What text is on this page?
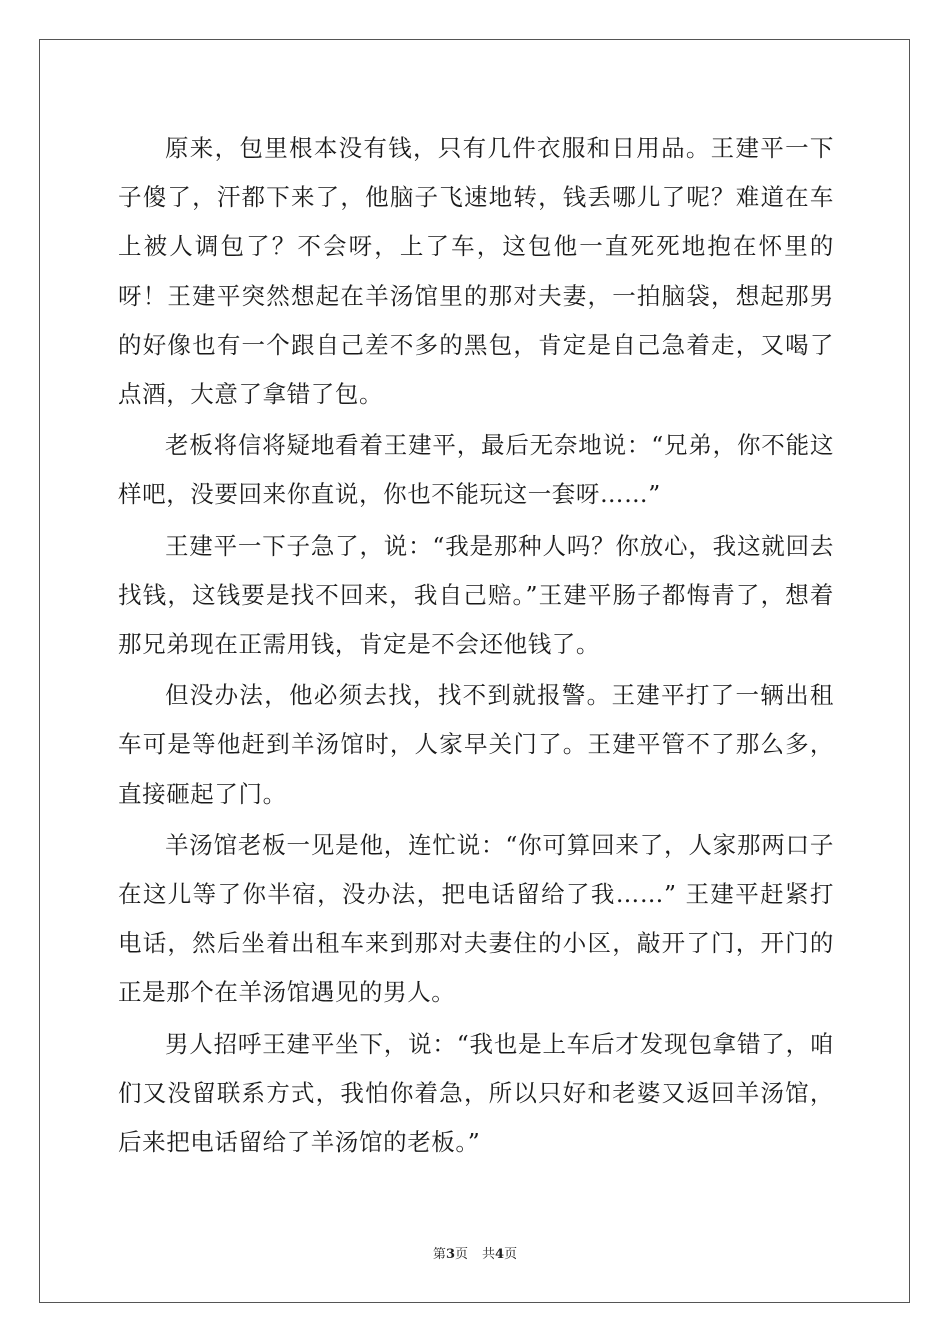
原来，包里根本没有钱，只有几件衣服和日用品。王建平一下子傻了，汗都下来了，他脑子飞速地转，钱丢哪儿了呢？难道在车上被人调包了？不会呀，上了车，这包他一直死死地抱在怀里的呀！王建平突然想起在羊汤馆里的那对夫妻，一拍脑袋，想起那男的好像也有一个跟自己差不多的黑包，肯定是自己急着走，又喝了点酒，大意了拿错了包。

老板将信将疑地看着王建平，最后无奈地说：“兄弟，你不能这样吧，没要回来你直说，你也不能玩这一套呀……”

王建平一下子急了，说：“我是那种人吗？你放心，我这就回去找钱，这钱要是找不回来，我自己赔。”王建平肠子都悔青了，想着那兄弟现在正需用钱，肯定是不会还他钱了。

但没办法，他必须去找，找不到就报警。王建平打了一辆出租车可是等他赶到羊汤馆时，人家早关门了。王建平管不了那么多，直接砸起了门。

羊汤馆老板一见是他，连忙说：“你可算回来了，人家那两口子在这儿等了你半宿，没办法，把电话留给了我……” 王建平赶紧打电话，然后坐着出租车来到那对夫妻住的小区，敲开了门，开门的正是那个在羊汤馆遇见的男人。

男人招呼王建平坐下，说：“我也是上车后才发现包拿错了，咱们又没留联系方式，我怕你着急，所以只好和老婆又返回羊汤馆，后来把电话留给了羊汤馆的老板。”

第3页 共4页
